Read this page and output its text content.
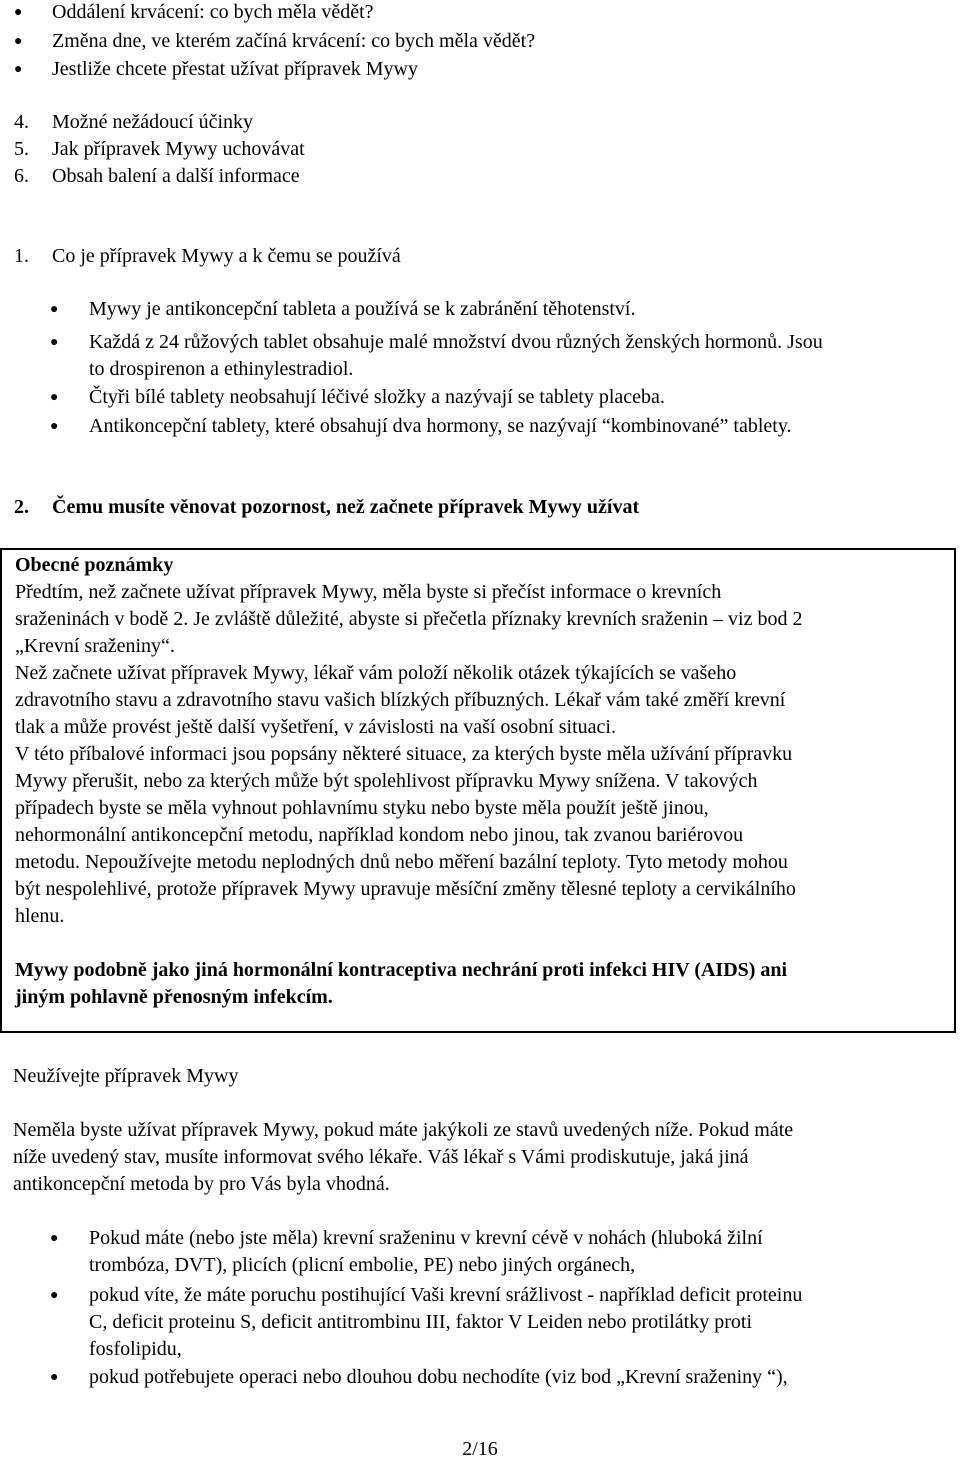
● Oddálení krvácení: co bych měla vědět?
● Změna dne, ve kterém začíná krvácení: co bych měla vědět?
● Jestliže chcete přestat užívat přípravek Mywy
4. Možné nežádoucí účinky
5. Jak přípravek Mywy uchovávat
6. Obsah balení a další informace
1. Co je přípravek Mywy a k čemu se používá
● Mywy je antikoncepční tableta a používá se k zabránění těhotenství.
● Každá z 24 růžových tablet obsahuje malé množství dvou různých ženských hormonů. Jsou
to drospirenon a ethinylestradiol.
● Čtyři bílé tablety neobsahují léčivé složky a nazývají se tablety placeba.
● Antikoncepční tablety, které obsahují dva hormony, se nazývají “kombinované” tablety.
2. Čemu musíte věnovat pozornost, než začnete přípravek Mywy užívat
Obecné poznámky
Předtím, než začnete užívat přípravek Mywy, měla byste si přečíst informace o krevních
sraženinách v bodě 2. Je zvláště důležité, abyste si přečetla příznaky krevních sraženin – viz bod 2
„Krevní sraženiny“.
Než začnete užívat přípravek Mywy, lékař vám položí několik otázek týkajících se vašeho
zdravotního stavu a zdravotního stavu vašich blízkých příbuzných. Lékař vám také změří krevní
tlak a může provést ještě další vyšetření, v závislosti na vaší osobní situaci.
V této příbalové informaci jsou popsány některé situace, za kterých byste měla užívání přípravku
Mywy přerušit, nebo za kterých může být spolehlivost přípravku Mywy snížena. V takových
případech byste se měla vyhnout pohlavnímu styku nebo byste měla použít ještě jinou,
nehormonální antikoncepční metodu, například kondom nebo jinou, tak zvanou bariérovou
metodu. Nepoužívejte metodu neplodných dnů nebo měření bazální teploty. Tyto metody mohou
být nespolehlivé, protože přípravek Mywy upravuje měsíční změny tělesné teploty a cervikálního
hlenu.
Mywy podobně jako jiná hormonální kontraceptiva nechrání proti infekci HIV (AIDS) ani
jiným pohlavně přenosným infekcím.
Neužívejte přípravek Mywy
Neměla byste užívat přípravek Mywy, pokud máte jakýkoli ze stavů uvedených níže. Pokud máte
níže uvedený stav, musíte informovat svého lékaře. Váš lékař s Vámi prodiskutuje, jaká jiná
antikoncepční metoda by pro Vás byla vhodná.
● Pokud máte (nebo jste měla) krevní sraženinu v krevní cévě v nohách (hluboká žilní
trombóza, DVT), plicích (plicní embolie, PE) nebo jiných orgánech,
● pokud víte, že máte poruchu postihující Vaši krevní srážlivost - například deficit proteinu
C, deficit proteinu S, deficit antitrombinu III, faktor V Leiden nebo protilátky proti
fosfolipidu,
● pokud potřebujete operaci nebo dlouhou dobu nechodíte (viz bod „Krevní sraženiny “),
2/16
